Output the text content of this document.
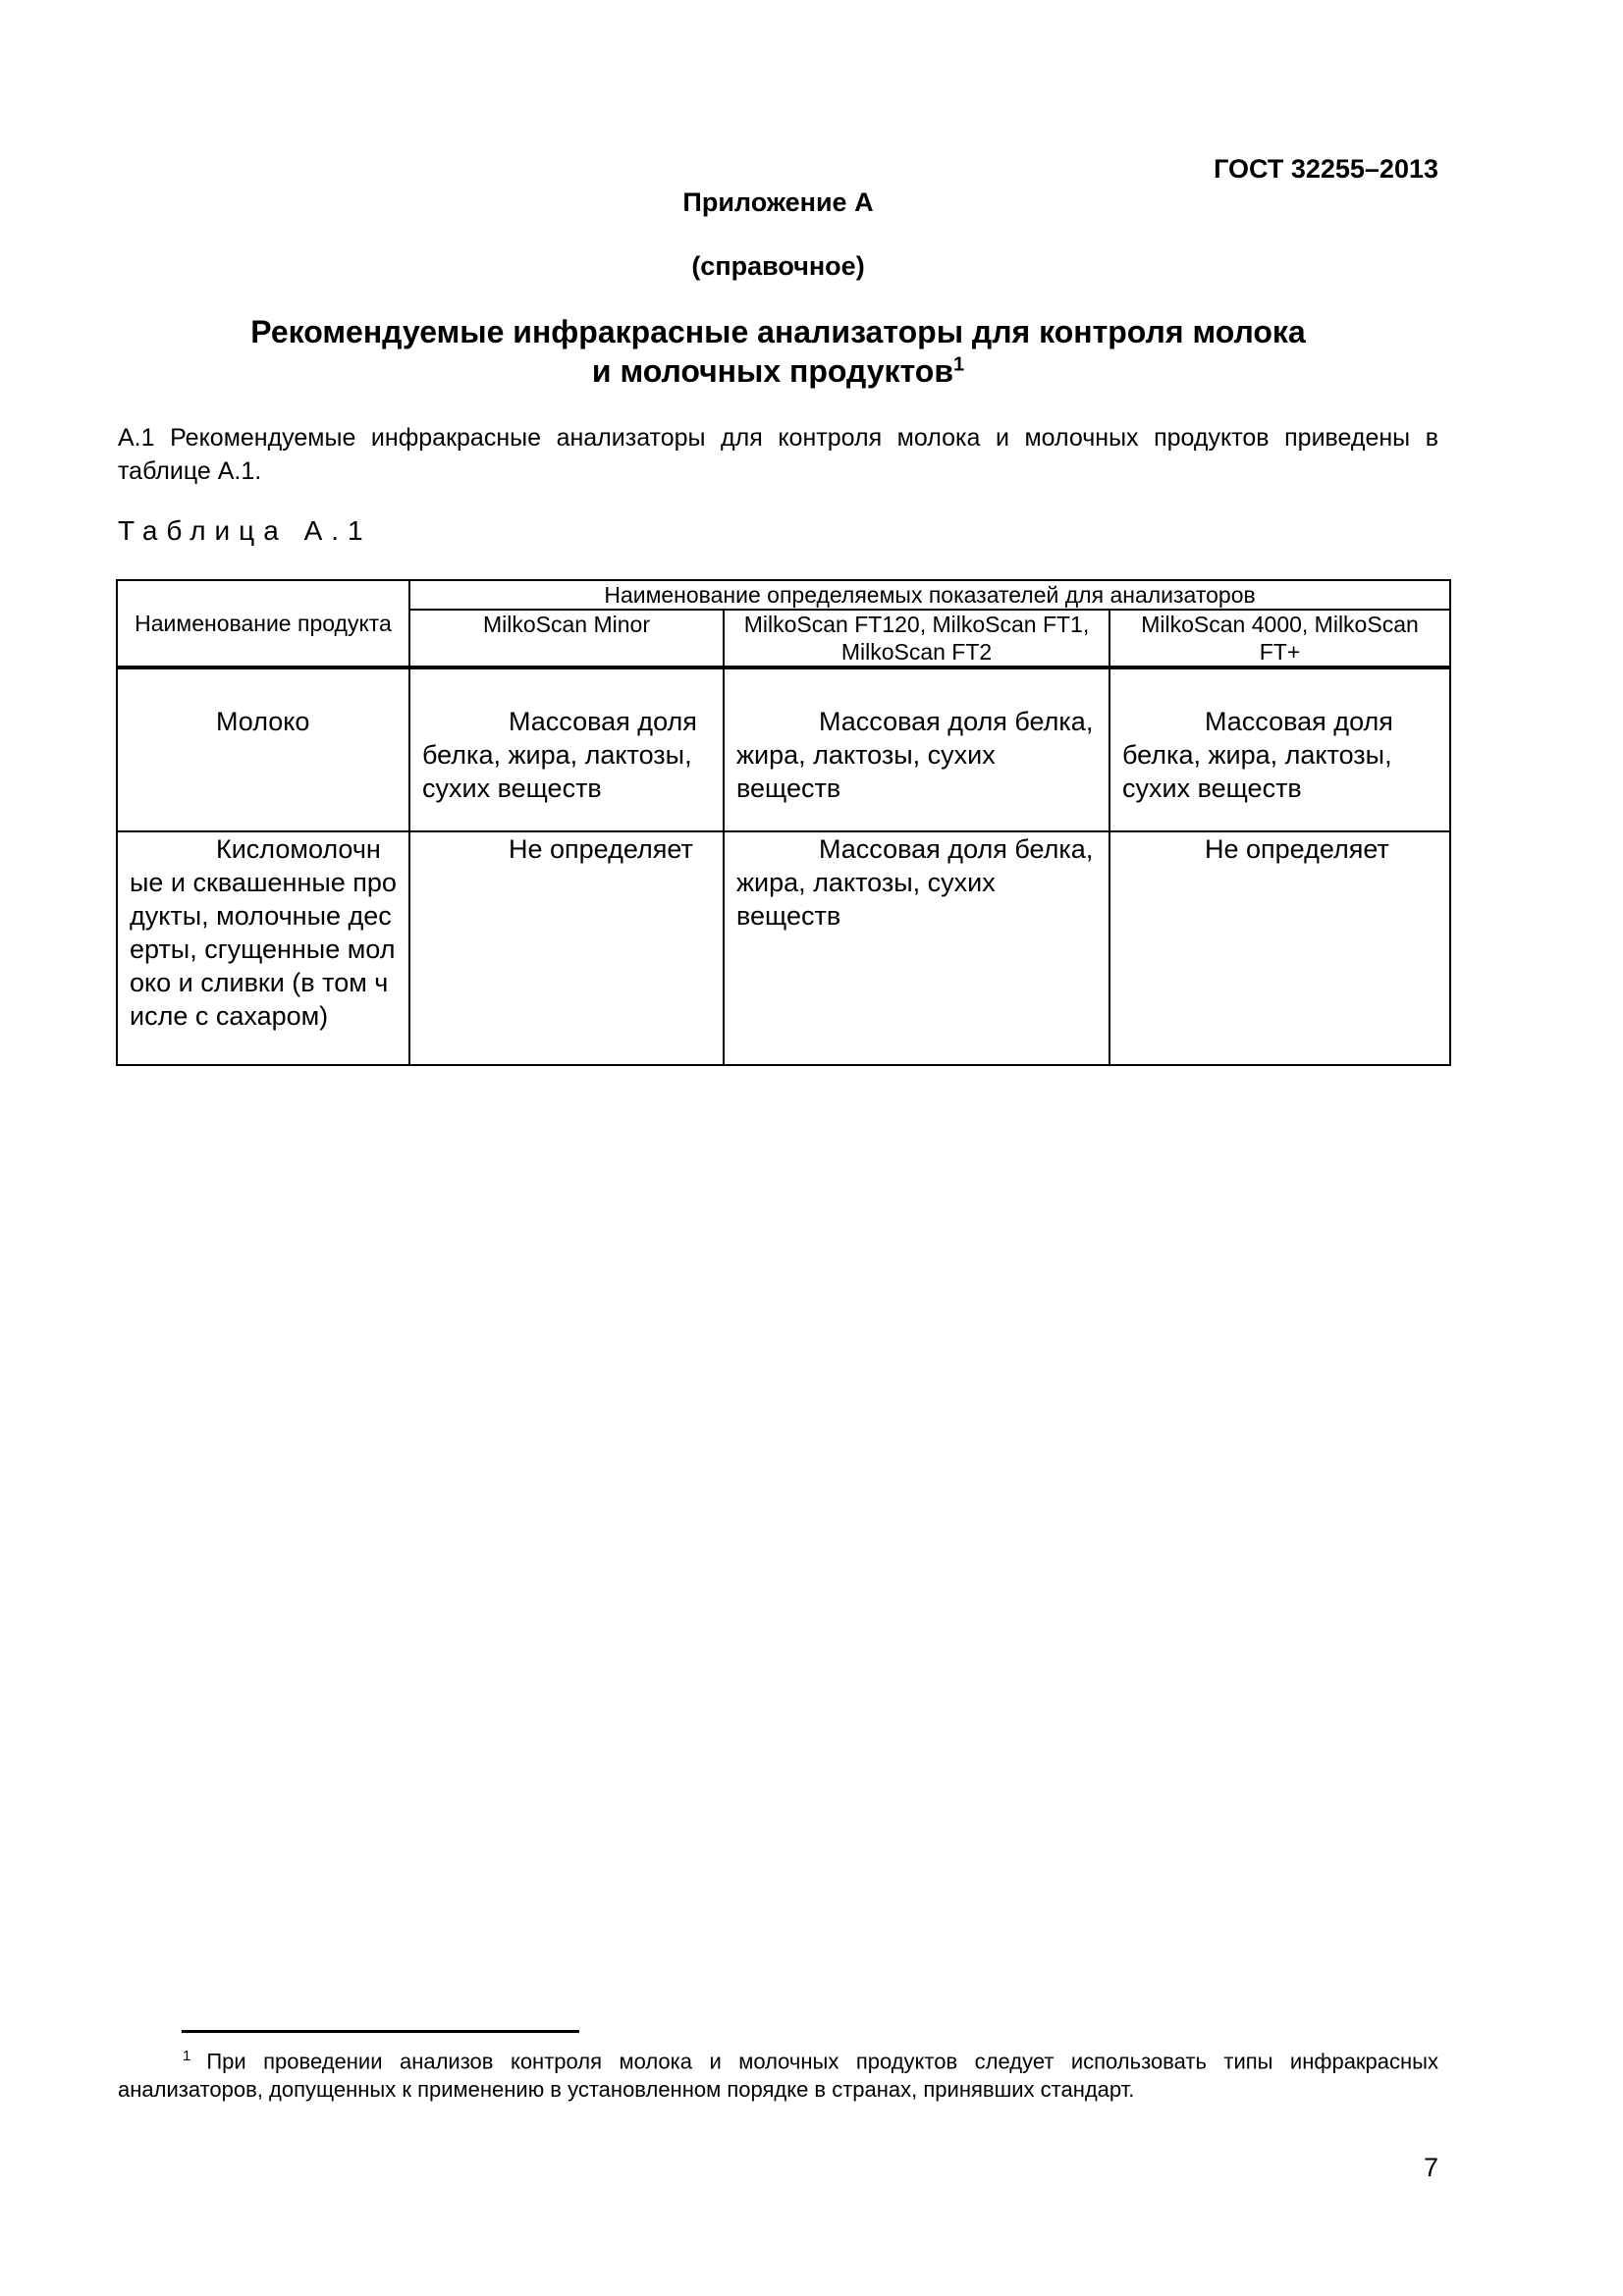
ГОСТ 32255–2013
Приложение А
(справочное)
Рекомендуемые инфракрасные анализаторы для контроля молока
и молочных продуктов$^1$
А.1 Рекомендуемые инфракрасные анализаторы для контроля молока и молочных продуктов приведены в таблице А.1.
Таблица А.1
Наименование продукта	Наименование определяемых показателей для анализаторов		
	MilkoScan Minor	MilkoScan FT120, MilkoScan FT1, MilkoScan FT2	MilkoScan 4000, MilkoScan FT+

Молоко	Массовая доля белка, жира, лактозы, сухих веществ	Массовая доля белка, жира, лактозы, сухих веществ	Массовая доля белка, жира, лактозы, сухих веществ

Кисломолочные и сквашенные продукты, молочные десерты, сгущенные молоко и сливки (в том числе с сахаром)	Не определяет	Массовая доля белка, жира, лактозы, сухих веществ	Не определяет
$^1$ При проведении анализов контроля молока и молочных продуктов следует использовать типы инфракрасных анализаторов, допущенных к применению в установленном порядке в странах, принявших стандарт.
7
